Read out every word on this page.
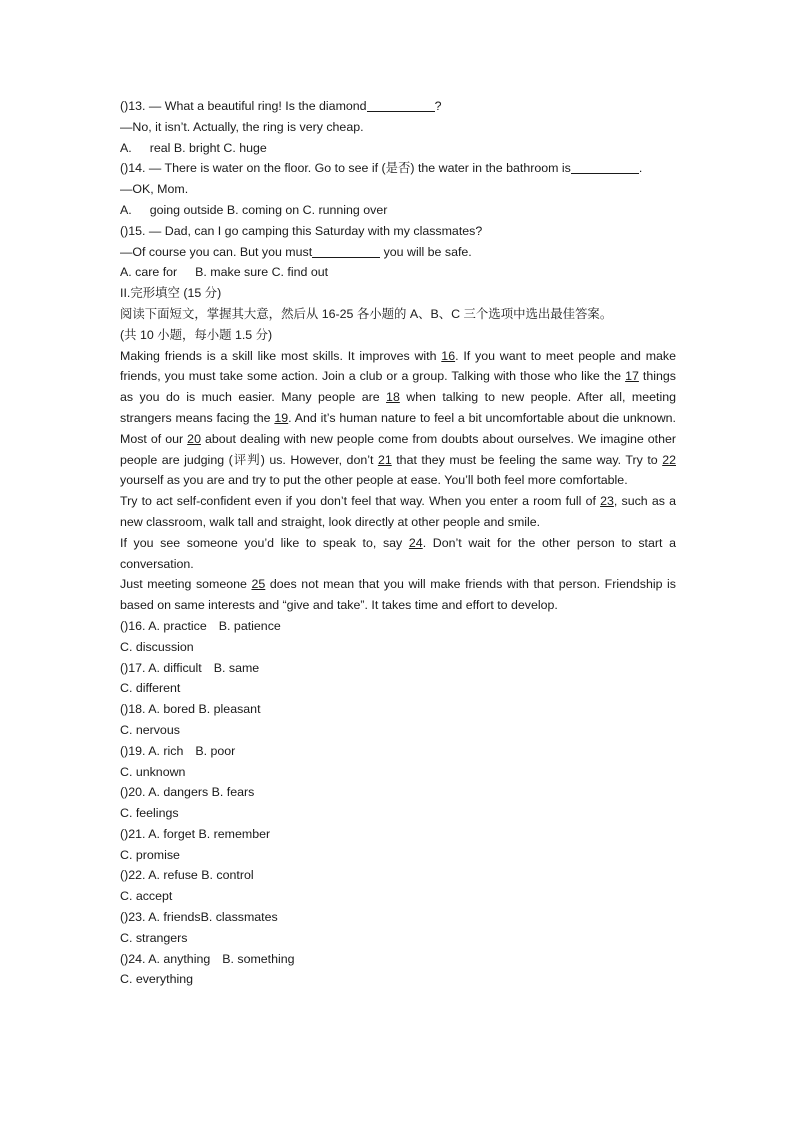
()13. — What a beautiful ring! Is the diamond	?
—No, it isn’t. Actually, the ring is very cheap.
A. real B. bright C. huge
()14. — There is water on the floor. Go to see if (是否) the water in the bathroom is	.
—OK, Mom.
A. going outside B. coming on C. running over
()15. — Dad, can I go camping this Saturday with my classmates?
—Of course you can. But you must	you will be safe.
A. care for B. make sure C. find out
II.完形填空 (15 分)
阅读下面短文，掌握其大意，然后从 16-25 各小题的 A、B、C 三个选项中选出最佳答案。
(共 10 小题，每小题 1.5 分)
Making friends is a skill like most skills. It improves with 16. If you want to meet people and make friends, you must take some action. Join a club or a group. Talking with those who like the 17 things as you do is much easier. Many people are 18 when talking to new people. After all, meeting strangers means facing the 19. And it’s human nature to feel a bit uncomfortable about die unknown. Most of our 20 about dealing with new people come from doubts about ourselves. We imagine other people are judging (评判) us. However, don’t 21 that they must be feeling the same way. Try to 22 yourself as you are and try to put the other people at ease. You’ll both feel more comfortable.
Try to act self-confident even if you don’t feel that way. When you enter a room full of 23, such as a new classroom, walk tall and straight, look directly at other people and smile.
If you see someone you’d like to speak to, say 24. Don’t wait for the other person to start a conversation.
Just meeting someone 25 does not mean that you will make friends with that person. Friendship is based on same interests and “give and take”. It takes time and effort to develop.
()16. A. practice B. patience
C. discussion
()17. A. difficult B. same
C. different
()18. A. bored B. pleasant
C. nervous
()19. A. rich B. poor
C. unknown
()20. A. dangers B. fears
C. feelings
()21. A. forget B. remember
C. promise
()22. A. refuse B. control
C. accept
()23. A. friendsB. classmates
C. strangers
()24. A. anything B. something
C. everything
